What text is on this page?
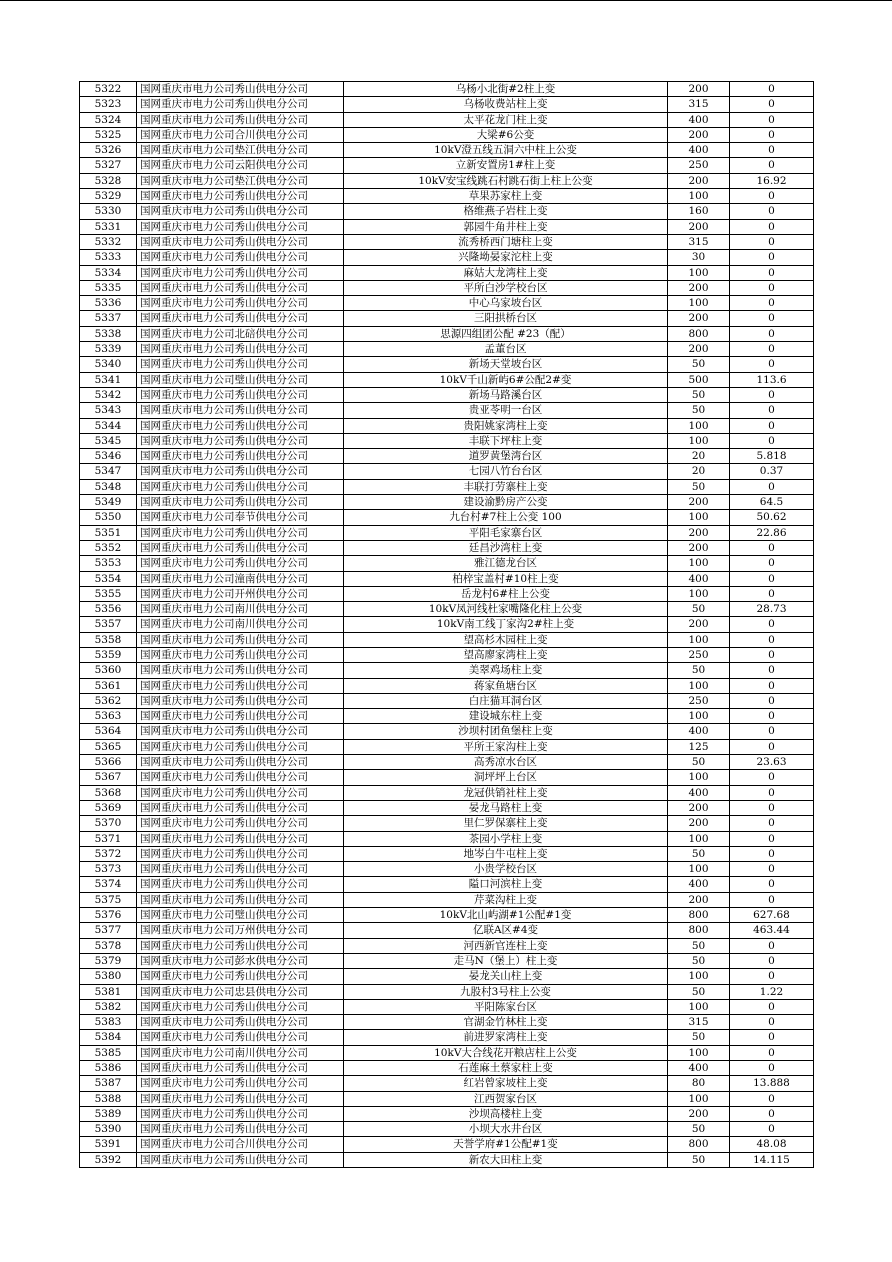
5322	国网重庆市电力公司秀山供电分公司	乌杨小北街#2柱上变	200	0
5323	国网重庆市电力公司秀山供电分公司	乌杨收费站柱上变	315	0
5324	国网重庆市电力公司秀山供电分公司	太平花龙门柱上变	400	0
5325	国网重庆市电力公司合川供电分公司	大梁#6公变	200	0
5326	国网重庆市电力公司垫江供电分公司	10kV澄五线五洞六中柱上公变	400	0
5327	国网重庆市电力公司云阳供电分公司	立新安置房1#柱上变	250	0
5328	国网重庆市电力公司垫江供电分公司	10kV安宝线跳石村跳石街上柱上公变	200	16.92
5329	国网重庆市电力公司秀山供电分公司	草果苏家柱上变	100	0
5330	国网重庆市电力公司秀山供电分公司	格维燕子岩柱上变	160	0
5331	国网重庆市电力公司秀山供电分公司	郭园牛角井柱上变	200	0
5332	国网重庆市电力公司秀山供电分公司	流秀桥西门塘柱上变	315	0
5333	国网重庆市电力公司秀山供电分公司	兴隆坳晏家沱柱上变	30	0
5334	国网重庆市电力公司秀山供电分公司	麻姑大龙湾柱上变	100	0
5335	国网重庆市电力公司秀山供电分公司	平所白沙学校台区	200	0
5336	国网重庆市电力公司秀山供电分公司	中心乌家坡台区	100	0
5337	国网重庆市电力公司秀山供电分公司	三阳拱桥台区	200	0
5338	国网重庆市电力公司北碚供电分公司	思源四组团公配 #23（配）	800	0
5339	国网重庆市电力公司秀山供电分公司	孟董台区	200	0
5340	国网重庆市电力公司秀山供电分公司	新场天堂坡台区	50	0
5341	国网重庆市电力公司璧山供电分公司	10kV千山新屿6#公配2#变	500	113.6
5342	国网重庆市电力公司秀山供电分公司	新场马路溪台区	50	0
5343	国网重庆市电力公司秀山供电分公司	贵亚苓明一台区	50	0
5344	国网重庆市电力公司秀山供电分公司	贵阳姚家湾柱上变	100	0
5345	国网重庆市电力公司秀山供电分公司	丰联下坪柱上变	100	0
5346	国网重庆市电力公司秀山供电分公司	道罗黄堡湾台区	20	5.818
5347	国网重庆市电力公司秀山供电分公司	七园八竹台台区	20	0.37
5348	国网重庆市电力公司秀山供电分公司	丰联打劳寨柱上变	50	0
5349	国网重庆市电力公司秀山供电分公司	建设渝黔房产公变	200	64.5
5350	国网重庆市电力公司奉节供电分公司	九台村#7柱上公变 100	100	50.62
5351	国网重庆市电力公司秀山供电分公司	平阳毛家寨台区	200	22.86
5352	国网重庆市电力公司秀山供电分公司	廷昌沙湾柱上变	200	0
5353	国网重庆市电力公司秀山供电分公司	雅江德龙台区	100	0
5354	国网重庆市电力公司潼南供电分公司	柏梓宝盖村#10柱上变	400	0
5355	国网重庆市电力公司开州供电分公司	岳龙村6#柱上公变	100	0
5356	国网重庆市电力公司南川供电分公司	10kV凤河线杜家嘴隆化柱上公变	50	28.73
5357	国网重庆市电力公司南川供电分公司	10kV南工线丁家沟2#柱上变	200	0
5358	国网重庆市电力公司秀山供电分公司	望高杉木园柱上变	100	0
5359	国网重庆市电力公司秀山供电分公司	望高廖家湾柱上变	250	0
5360	国网重庆市电力公司秀山供电分公司	美翠鸡场柱上变	50	0
5361	国网重庆市电力公司秀山供电分公司	蒋家鱼塘台区	100	0
5362	国网重庆市电力公司秀山供电分公司	白庄猫耳洞台区	250	0
5363	国网重庆市电力公司秀山供电分公司	建设城东柱上变	100	0
5364	国网重庆市电力公司秀山供电分公司	沙坝村团鱼堡柱上变	400	0
5365	国网重庆市电力公司秀山供电分公司	平所王家沟柱上变	125	0
5366	国网重庆市电力公司秀山供电分公司	高秀凉水台区	50	23.63
5367	国网重庆市电力公司秀山供电分公司	洞坪坪上台区	100	0
5368	国网重庆市电力公司秀山供电分公司	龙冠供销社柱上变	400	0
5369	国网重庆市电力公司秀山供电分公司	晏龙马路柱上变	200	0
5370	国网重庆市电力公司秀山供电分公司	里仁罗保寨柱上变	200	0
5371	国网重庆市电力公司秀山供电分公司	茶园小学柱上变	100	0
5372	国网重庆市电力公司秀山供电分公司	地岑白牛屯柱上变	50	0
5373	国网重庆市电力公司秀山供电分公司	小贵学校台区	100	0
5374	国网重庆市电力公司秀山供电分公司	隘口河滨柱上变	400	0
5375	国网重庆市电力公司秀山供电分公司	芹菜沟柱上变	200	0
5376	国网重庆市电力公司璧山供电分公司	10kV北山屿湖#1公配#1变	800	627.68
5377	国网重庆市电力公司万州供电分公司	亿联A区#4变	800	463.44
5378	国网重庆市电力公司秀山供电分公司	河西新官连柱上变	50	0
5379	国网重庆市电力公司彭水供电分公司	走马N（堡上）柱上变	50	0
5380	国网重庆市电力公司秀山供电分公司	晏龙关山柱上变	100	0
5381	国网重庆市电力公司忠县供电分公司	九股村3号柱上公变	50	1.22
5382	国网重庆市电力公司秀山供电分公司	平阳陈家台区	100	0
5383	国网重庆市电力公司秀山供电分公司	官湖金竹林柱上变	315	0
5384	国网重庆市电力公司秀山供电分公司	前进罗家湾柱上变	50	0
5385	国网重庆市电力公司南川供电分公司	10kV大合线花开粮店柱上公变	100	0
5386	国网重庆市电力公司秀山供电分公司	石莲麻土蔡家柱上变	400	0
5387	国网重庆市电力公司秀山供电分公司	红岩曾家坡柱上变	80	13.888
5388	国网重庆市电力公司秀山供电分公司	江西贺家台区	100	0
5389	国网重庆市电力公司秀山供电分公司	沙坝高楼柱上变	200	0
5390	国网重庆市电力公司秀山供电分公司	小坝大水井台区	50	0
5391	国网重庆市电力公司合川供电分公司	天誉学府#1公配#1变	800	48.08
5392	国网重庆市电力公司秀山供电分公司	新农大田柱上变	50	14.115
